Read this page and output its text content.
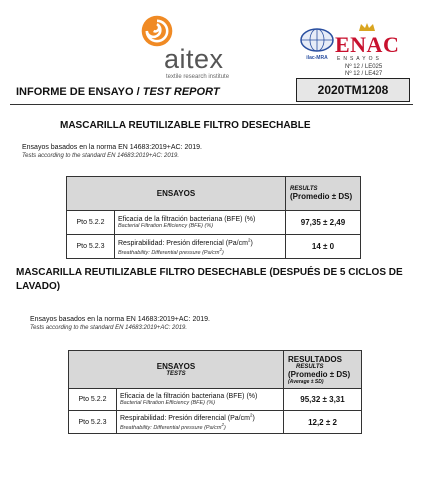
aitex
textile research institute
ilac-MRA
ENAC
ENSAYOS
Nº 12 / LE025
Nº 12 / LE427
INFORME DE ENSAYO / TEST REPORT	2020TM1208
MASCARILLA REUTILIZABLE FILTRO DESECHABLE
Ensayos basados en la norma EN 14683:2019+AC: 2019.
Tests according to the standard EN 14683:2019+AC: 2019.
ENSAYOS		RESULTS
(Promedio ± DS)

Pto 5.2.2	Eficacia de la filtración bacteriana (BFE) (%)
Bacterial Filtration Efficiency (BFE) (%)	97,35 ± 2,49
Pto 5.2.3	Respirabilidad: Presión diferencial $(Pa/cm^2)$
Breathability: Differential pressure $(Pa/cm^2)$	14 ± 0
MASCARILLA REUTILIZABLE FILTRO DESECHABLE (DESPUÉS DE 5 CICLOS DE LAVADO)
Ensayos basados en la norma EN 14683:2019+AC: 2019.
Tests according to the standard EN 14683:2019+AC: 2019.
ENSAYOS
TESTS		RESULTADOS
RESULTS
(Promedio ± DS)
(Average ± SD)

Pto 5.2.2	Eficacia de la filtración bacteriana (BFE) (%)
Bacterial Filtration Efficiency (BFE) (%)	95,32 ± 3,31
Pto 5.2.3	Respirabilidad: Presión diferencial $(Pa/cm^2)$
Breathability: Differential pressure $(Pa/cm^2)$	12,2 ± 2
